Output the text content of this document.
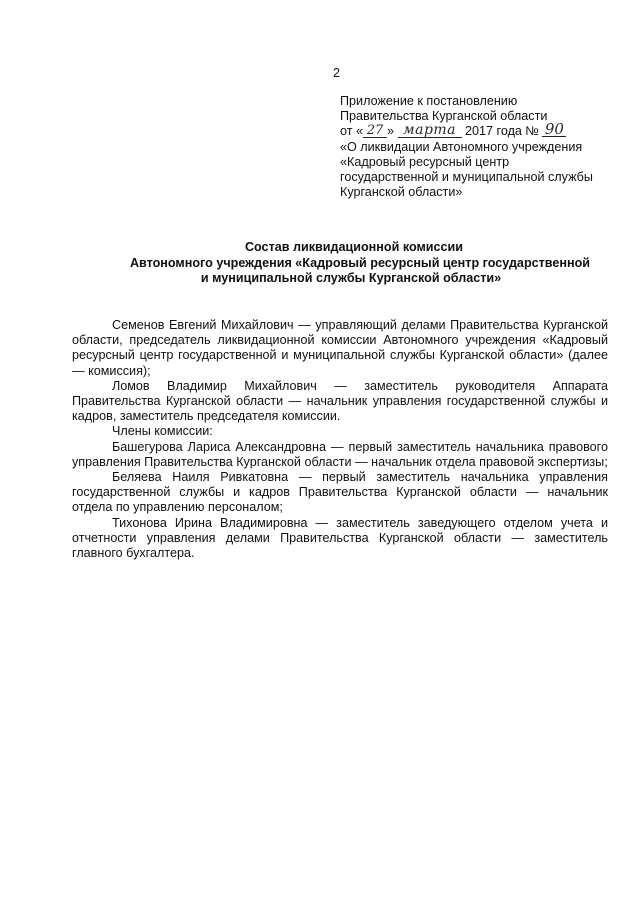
2
Приложение к постановлению
Правительства Курганской области
от « 27 » марта 2017 года № 90
«О ликвидации Автономного учреждения
«Кадровый ресурсный центр
государственной и муниципальной службы
Курганской области»
Состав ликвидационной комиссии
Автономного учреждения «Кадровый ресурсный центр государственной
и муниципальной службы Курганской области»

Семенов Евгений Михайлович — управляющий делами Правительства Курганской области, председатель ликвидационной комиссии Автономного учреждения «Кадровый ресурсный центр государственной и муниципальной службы Курганской области» (далее — комиссия);

Ломов Владимир Михайлович — заместитель руководителя Аппарата Правительства Курганской области — начальник управления государственной службы и кадров, заместитель председателя комиссии.

Члены комиссии:

Башегурова Лариса Александровна — первый заместитель начальника правового управления Правительства Курганской области — начальник отдела правовой экспертизы;

Беляева Наиля Ривкатовна — первый заместитель начальника управления государственной службы и кадров Правительства Курганской области — начальник отдела по управлению персоналом;

Тихонова Ирина Владимировна — заместитель заведующего отделом учета и отчетности управления делами Правительства Курганской области — заместитель главного бухгалтера.
